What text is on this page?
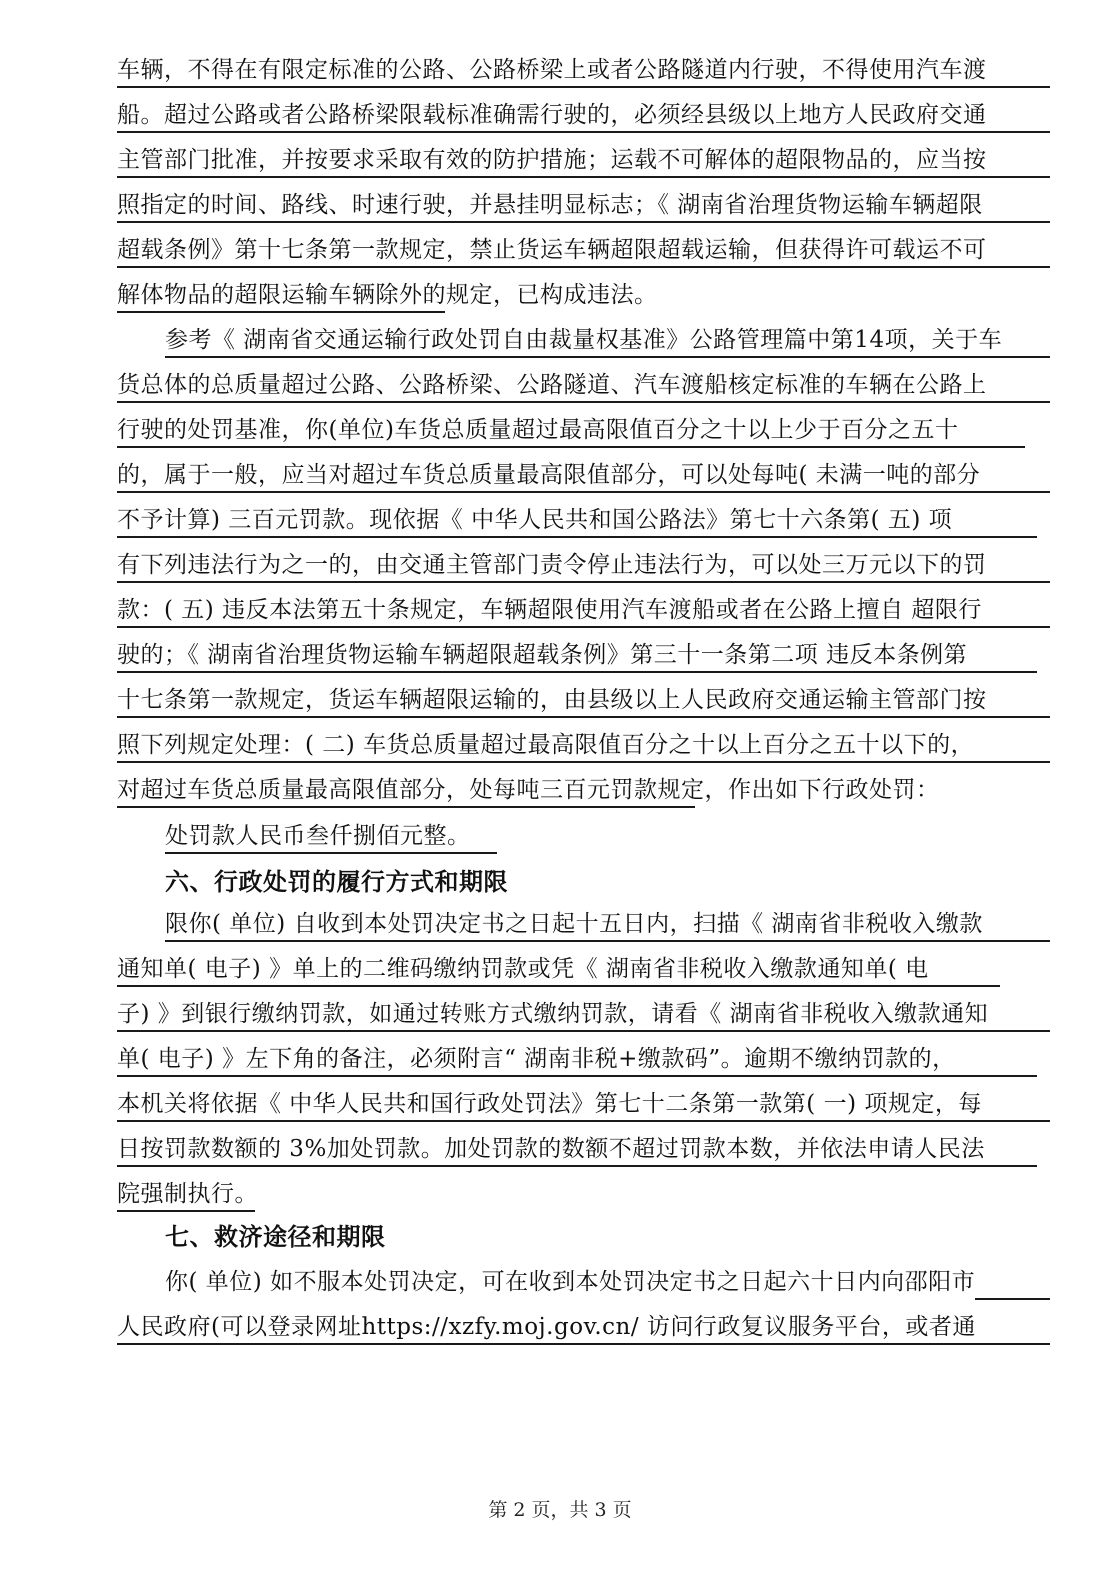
车辆，不得在有限定标准的公路、公路桥梁上或者公路隧道内行驶，不得使用汽车渡
船。超过公路或者公路桥梁限载标准确需行驶的，必须经县级以上地方人民政府交通
主管部门批准，并按要求采取有效的防护措施；运载不可解体的超限物品的，应当按
照指定的时间、路线、时速行驶，并悬挂明显标志；《 湖南省治理货物运输车辆超限
超载条例》第十七条第一款规定，禁止货运车辆超限超载运输，但获得许可载运不可
解体物品的超限运输车辆除外的规定，已构成违法。
参考《 湖南省交通运输行政处罚自由裁量权基准》公路管理篇中第14项，关于车
货总体的总质量超过公路、公路桥梁、公路隧道、汽车渡船核定标准的车辆在公路上
行驶的处罚基准，你(单位)车货总质量超过最高限值百分之十以上少于百分之五十
的，属于一般，应当对超过车货总质量最高限值部分，可以处每吨( 未满一吨的部分
不予计算) 三百元罚款。现依据《 中华人民共和国公路法》第七十六条第( 五) 项
有下列违法行为之一的，由交通主管部门责令停止违法行为，可以处三万元以下的罚
款：( 五) 违反本法第五十条规定，车辆超限使用汽车渡船或者在公路上擅自 超限行
驶的；《 湖南省治理货物运输车辆超限超载条例》第三十一条第二项 违反本条例第
十七条第一款规定，货运车辆超限运输的，由县级以上人民政府交通运输主管部门按
照下列规定处理：( 二) 车货总质量超过最高限值百分之十以上百分之五十以下的，
对超过车货总质量最高限值部分，处每吨三百元罚款规定，作出如下行政处罚：
处罚款人民币叁仟捌佰元整。
限你( 单位) 自收到本处罚决定书之日起十五日内，扫描《 湖南省非税收入缴款
通知单( 电子) 》单上的二维码缴纳罚款或凭《 湖南省非税收入缴款通知单( 电
子) 》到银行缴纳罚款，如通过转账方式缴纳罚款，请看《 湖南省非税收入缴款通知
单( 电子) 》左下角的备注，必须附言“ 湖南非税+缴款码”。逾期不缴纳罚款的，
本机关将依据《 中华人民共和国行政处罚法》第七十二条第一款第( 一) 项规定，每
日按罚款数额的 3%加处罚款。加处罚款的数额不超过罚款本数，并依法申请人民法
院强制执行。
你( 单位) 如不服本处罚决定，可在收到本处罚决定书之日起六十日内向邵阳市
人民政府(可以登录网址https://xzfy.moj.gov.cn/ 访问行政复议服务平台，或者通
六、行政处罚的履行方式和期限
七、救济途径和期限
第 2 页，共 3 页
